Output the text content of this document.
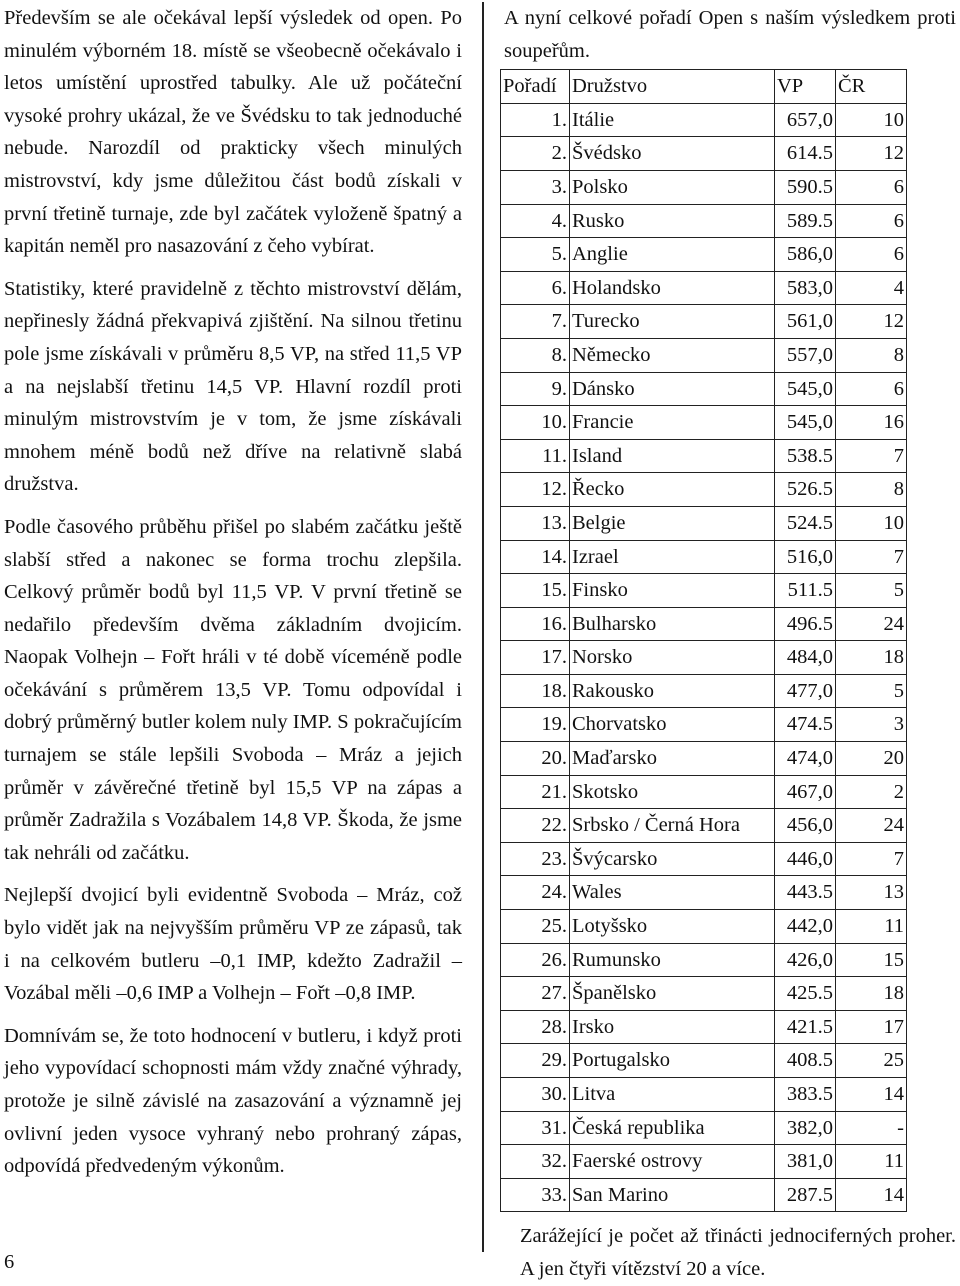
Především se ale očekával lepší výsledek od open. Po minulém výborném 18. místě se všeobecně očekávalo i letos umístění uprostřed tabulky. Ale už počáteční vysoké prohry ukázal, že ve Švédsku to tak jednoduché nebude. Narozdíl od prakticky všech minulých mistrovství, kdy jsme důležitou část bodů získali v první třetině turnaje, zde byl začátek vyloženě špatný a kapitán neměl pro nasazování z čeho vybírat.

Statistiky, které pravidelně z těchto mistrovství dělám, nepřinesly žádná překvapivá zjištění. Na silnou třetinu pole jsme získávali v průměru 8,5 VP, na střed 11,5 VP a na nejslabší třetinu 14,5 VP. Hlavní rozdíl proti minulým mistrovstvím je v tom, že jsme získávali mnohem méně bodů než dříve na relativně slabá družstva.

Podle časového průběhu přišel po slabém začátku ještě slabší střed a nakonec se forma trochu zlepšila. Celkový průměr bodů byl 11,5 VP. V první třetině se nedařilo především dvěma základním dvojicím. Naopak Volhejn – Fořt hráli v té době víceméně podle očekávání s průměrem 13,5 VP. Tomu odpovídal i dobrý průměrný butler kolem nuly IMP. S pokračujícím turnajem se stále lepšili Svoboda – Mráz a jejich průměr v závěrečné třetině byl 15,5 VP na zápas a průměr Zadražila s Vozábalem 14,8 VP. Škoda, že jsme tak nehráli od začátku.

Nejlepší dvojicí byli evidentně Svoboda – Mráz, což bylo vidět jak na nejvyšším průměru VP ze zápasů, tak i na celkovém butleru –0,1 IMP, kdežto Zadražil – Vozábal měli –0,6 IMP a Volhejn – Fořt –0,8 IMP.

Domnívám se, že toto hodnocení v butleru, i když proti jeho vypovídací schopnosti mám vždy značné výhrady, protože je silně závislé na zasazování a významně jej ovlivní jeden vysoce vyhraný nebo prohraný zápas, odpovídá předvedeným výkonům.

6

A nyní celkové pořadí Open s naším výsledkem proti soupeřům.

Pořadí	Družstvo	VP	ČR
1.	Itálie	657,0	10
2.	Švédsko	614.5	12
3.	Polsko	590.5	6
4.	Rusko	589.5	6
5.	Anglie	586,0	6
6.	Holandsko	583,0	4
7.	Turecko	561,0	12
8.	Německo	557,0	8
9.	Dánsko	545,0	6
10.	Francie	545,0	16
11.	Island	538.5	7
12.	Řecko	526.5	8
13.	Belgie	524.5	10
14.	Izrael	516,0	7
15.	Finsko	511.5	5
16.	Bulharsko	496.5	24
17.	Norsko	484,0	18
18.	Rakousko	477,0	5
19.	Chorvatsko	474.5	3
20.	Maďarsko	474,0	20
21.	Skotsko	467,0	2
22.	Srbsko / Černá Hora	456,0	24
23.	Švýcarsko	446,0	7
24.	Wales	443.5	13
25.	Lotyšsko	442,0	11
26.	Rumunsko	426,0	15
27.	Španělsko	425.5	18
28.	Irsko	421.5	17
29.	Portugalsko	408.5	25
30.	Litva	383.5	14
31.	Česká republika	382,0	-
32.	Faerské ostrovy	381,0	11
33.	San Marino	287.5	14

Zarážející je počet až třinácti jednociferných proher. A jen čtyři vítězství 20 a více.
